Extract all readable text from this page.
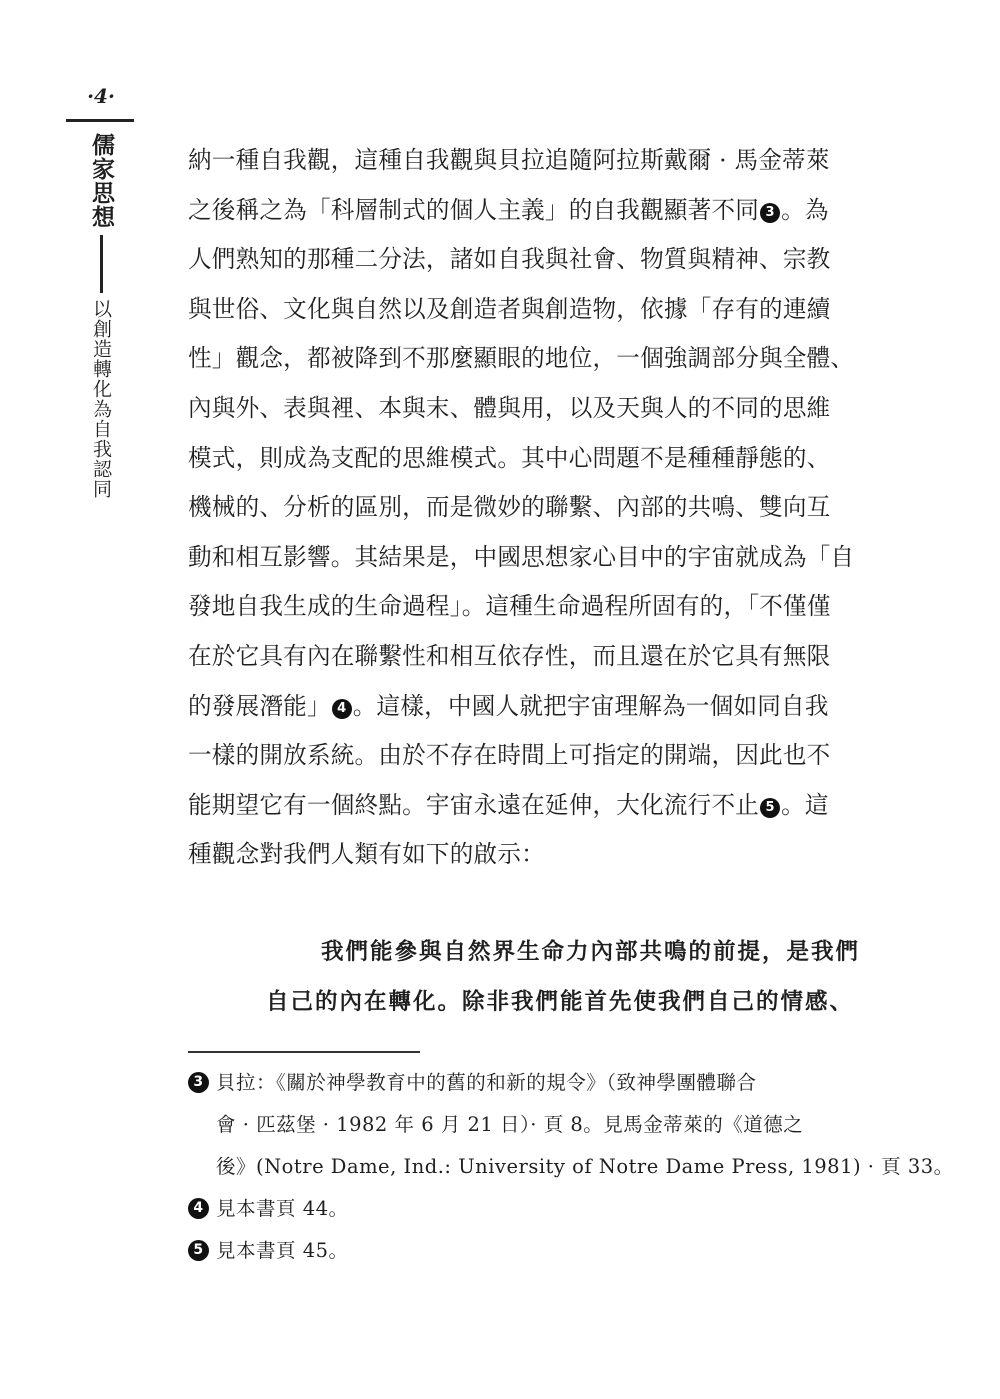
·4·
儒家思想
以創造轉化為自我認同
納一種自我觀，這種自我觀與貝拉追隨阿拉斯戴爾 · 馬金蒂萊
之後稱之為「科層制式的個人主義」的自我觀顯著不同 3 。為
人們熟知的那種二分法，諸如自我與社會、物質與精神、宗教
與世俗、文化與自然以及創造者與創造物，依據「存有的連續
性」觀念，都被降到不那麼顯眼的地位，一個強調部分與全體、
內與外、表與裡、本與末、體與用，以及天與人的不同的思維
模式，則成為支配的思維模式。其中心問題不是種種靜態的、
機械的、分析的區別，而是微妙的聯繫、內部的共鳴、雙向互
動和相互影響。其結果是，中國思想家心目中的宇宙就成為「自
發地自我生成的生命過程」。這種生命過程所固有的，「不僅僅
在於它具有內在聯繫性和相互依存性，而且還在於它具有無限
的發展潛能」 4 。這樣，中國人就把宇宙理解為一個如同自我
一樣的開放系統。由於不存在時間上可指定的開端，因此也不
能期望它有一個終點。宇宙永遠在延伸，大化流行不止 5 。這
種觀念對我們人類有如下的啟示：
我們能參與自然界生命力內部共鳴的前提，是我們
自己的內在轉化。除非我們能首先使我們自己的情感、
3 貝拉：《關於神學教育中的舊的和新的規令》（致神學團體聯合
會 · 匹茲堡 · 1982 年 6 月 21 日）· 頁 8。見馬金蒂萊的《道德之
後》(Notre Dame, Ind.: University of Notre Dame Press, 1981) · 頁 33。
4 見本書頁 44。
5 見本書頁 45。
